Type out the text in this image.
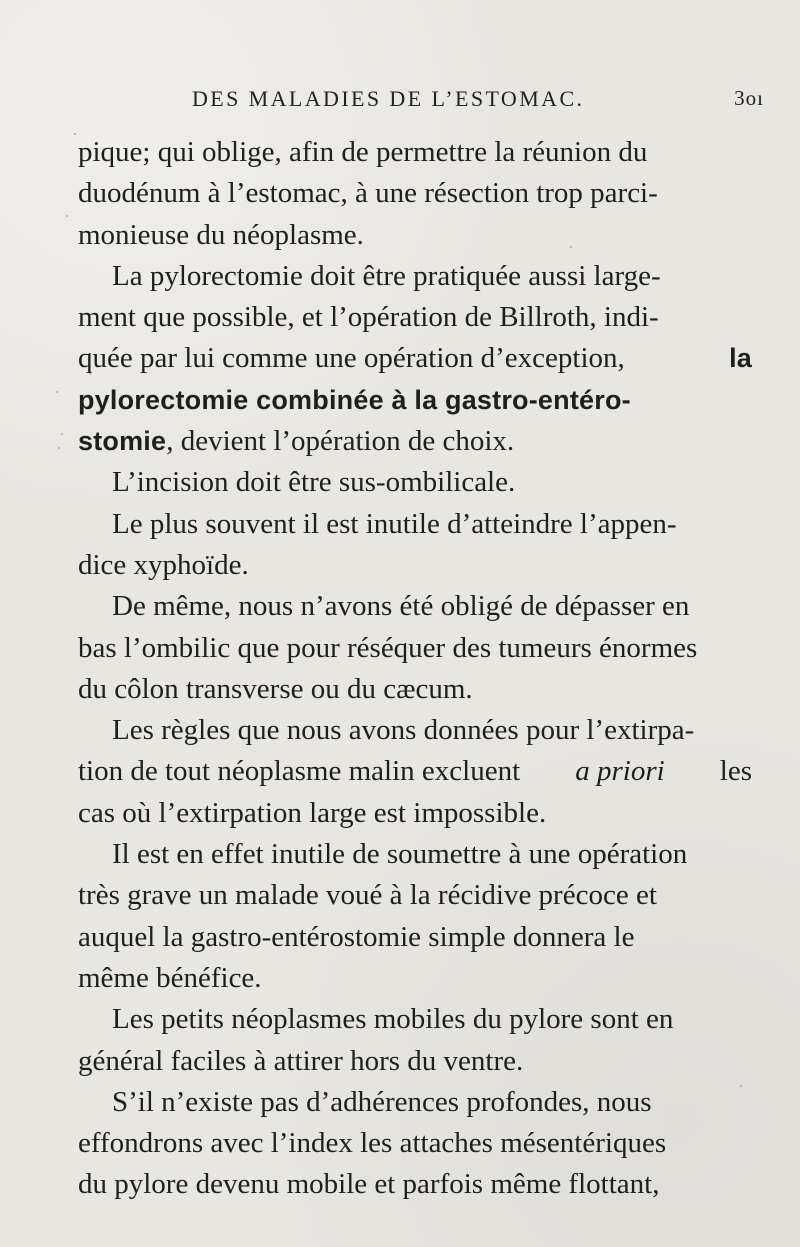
DES MALADIES DE L’ESTOMAC.	3oı
pique; qui oblige, afin de permettre la réunion du
duodénum à l’estomac, à une résection trop parci-
monieuse du néoplasme.
La pylorectomie doit être pratiquée aussi large-
ment que possible, et l’opération de Billroth, indi-
quée par lui comme une opération d’exception,	la
pylorectomie combinée à la gastro-entéro-
stomie , devient l’opération de choix.
L’incision doit être sus-ombilicale.
Le plus souvent il est inutile d’atteindre l’appen-
dice xyphoïde.
De même, nous n’avons été obligé de dépasser en
bas l’ombilic que pour réséquer des tumeurs énormes
du côlon transverse ou du cæcum.
Les règles que nous avons données pour l’extirpa-
tion de tout néoplasme malin excluent a priori les
cas où l’extirpation large est impossible.
Il est en effet inutile de soumettre à une opération
très grave un malade voué à la récidive précoce et
auquel la gastro-entérostomie simple donnera le
même bénéfice.
Les petits néoplasmes mobiles du pylore sont en
général faciles à attirer hors du ventre.
S’il n’existe pas d’adhérences profondes, nous
effondrons avec l’index les attaches mésentériques
du pylore devenu mobile et parfois même flottant,
